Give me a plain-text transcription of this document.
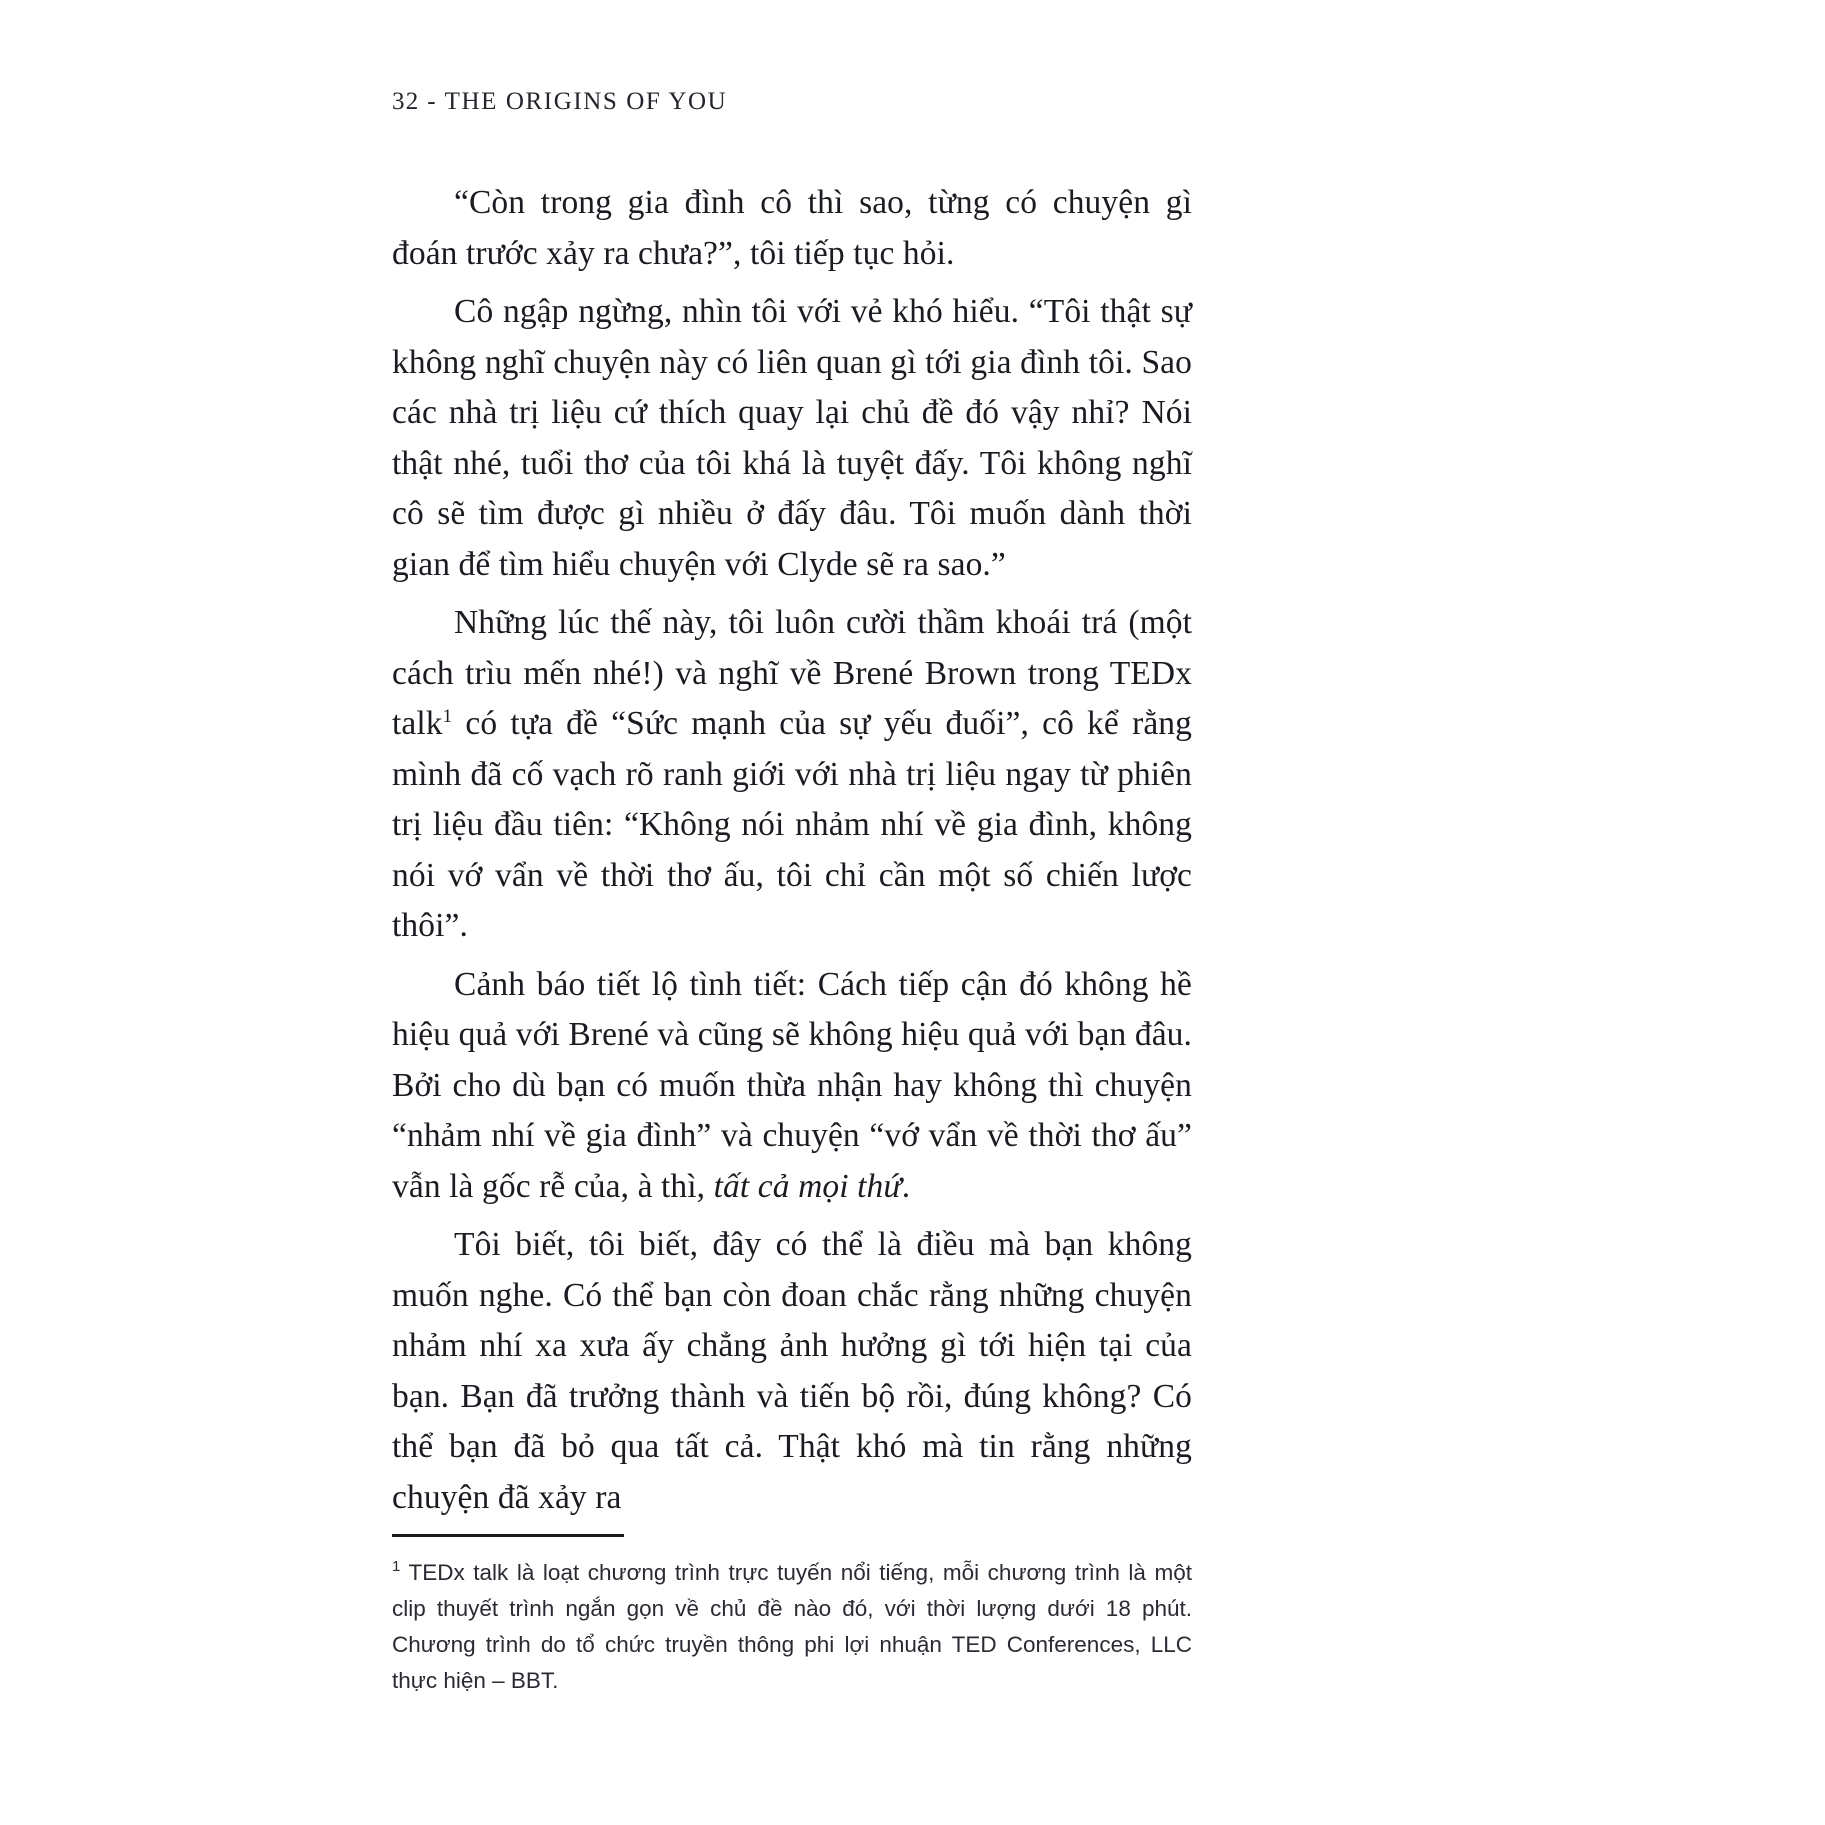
32 - THE ORIGINS OF YOU

“Còn trong gia đình cô thì sao, từng có chuyện gì đoán trước xảy ra chưa?”, tôi tiếp tục hỏi.

Cô ngập ngừng, nhìn tôi với vẻ khó hiểu. “Tôi thật sự không nghĩ chuyện này có liên quan gì tới gia đình tôi. Sao các nhà trị liệu cứ thích quay lại chủ đề đó vậy nhỉ? Nói thật nhé, tuổi thơ của tôi khá là tuyệt đấy. Tôi không nghĩ cô sẽ tìm được gì nhiều ở đấy đâu. Tôi muốn dành thời gian để tìm hiểu chuyện với Clyde sẽ ra sao.”

Những lúc thế này, tôi luôn cười thầm khoái trá (một cách trìu mến nhé!) và nghĩ về Brené Brown trong TEDx talk$^1$ có tựa đề “Sức mạnh của sự yếu đuối”, cô kể rằng mình đã cố vạch rõ ranh giới với nhà trị liệu ngay từ phiên trị liệu đầu tiên: “Không nói nhảm nhí về gia đình, không nói vớ vẩn về thời thơ ấu, tôi chỉ cần một số chiến lược thôi”.

Cảnh báo tiết lộ tình tiết: Cách tiếp cận đó không hề hiệu quả với Brené và cũng sẽ không hiệu quả với bạn đâu. Bởi cho dù bạn có muốn thừa nhận hay không thì chuyện “nhảm nhí về gia đình” và chuyện “vớ vẩn về thời thơ ấu” vẫn là gốc rễ của, à thì, tất cả mọi thứ.

Tôi biết, tôi biết, đây có thể là điều mà bạn không muốn nghe. Có thể bạn còn đoan chắc rằng những chuyện nhảm nhí xa xưa ấy chẳng ảnh hưởng gì tới hiện tại của bạn. Bạn đã trưởng thành và tiến bộ rồi, đúng không? Có thể bạn đã bỏ qua tất cả. Thật khó mà tin rằng những chuyện đã xảy ra

$^1$ TEDx talk là loạt chương trình trực tuyến nổi tiếng, mỗi chương trình là một clip thuyết trình ngắn gọn về chủ đề nào đó, với thời lượng dưới 18 phút. Chương trình do tổ chức truyền thông phi lợi nhuận TED Conferences, LLC thực hiện – BBT.
